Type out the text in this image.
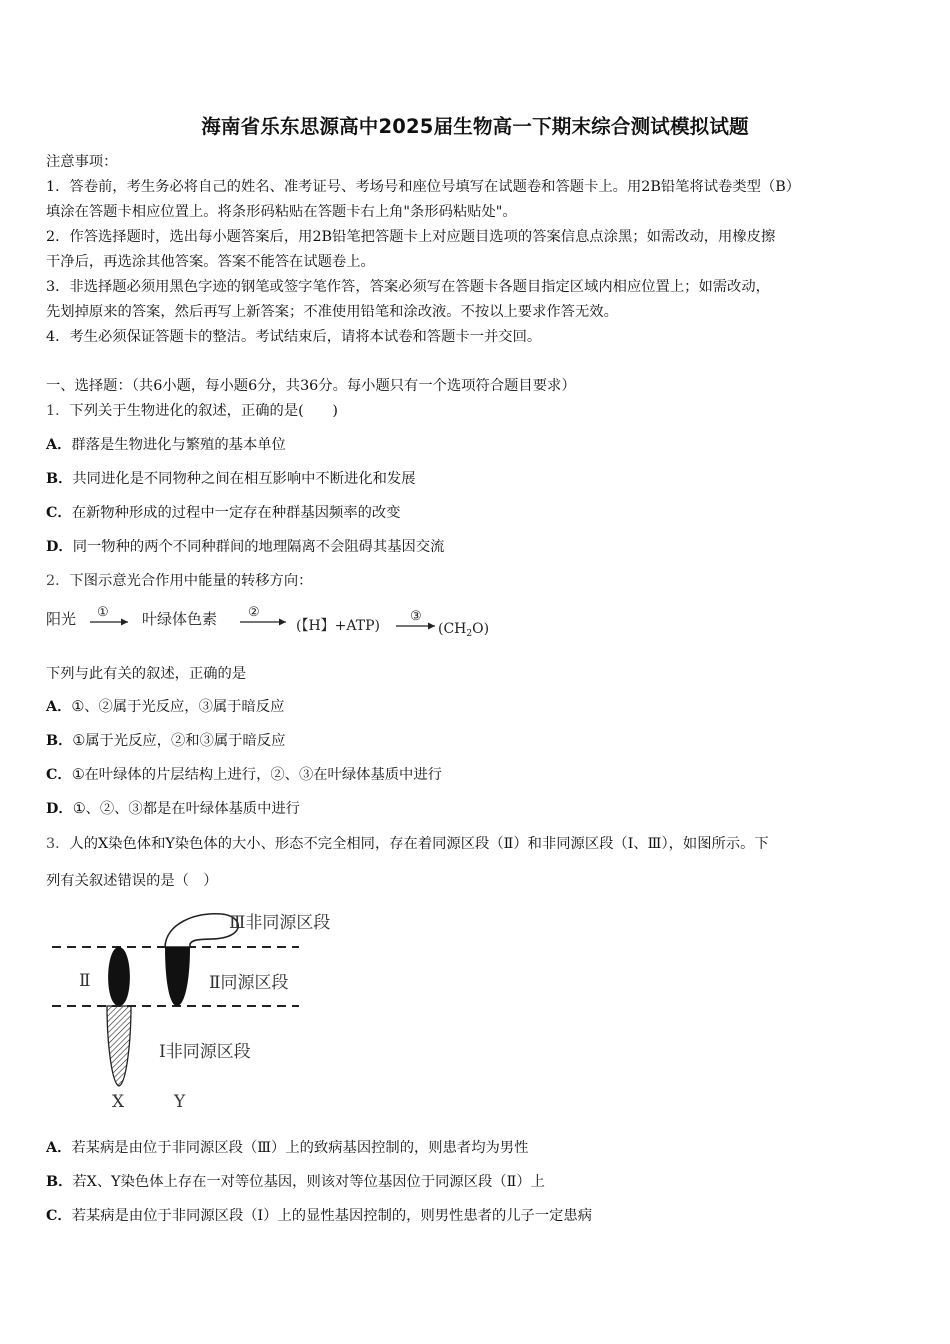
海南省乐东思源高中2025届生物高一下期末综合测试模拟试题
注意事项：
1．答卷前，考生务必将自己的姓名、准考证号、考场号和座位号填写在试题卷和答题卡上。用2B铅笔将试卷类型（B）
填涂在答题卡相应位置上。将条形码粘贴在答题卡右上角"条形码粘贴处"。
2．作答选择题时，选出每小题答案后，用2B铅笔把答题卡上对应题目选项的答案信息点涂黑；如需改动，用橡皮擦
干净后，再选涂其他答案。答案不能答在试题卷上。
3．非选择题必须用黑色字迹的钢笔或签字笔作答，答案必须写在答题卡各题目指定区域内相应位置上；如需改动，
先划掉原来的答案，然后再写上新答案；不准使用铅笔和涂改液。不按以上要求作答无效。
4．考生必须保证答题卡的整洁。考试结束后，请将本试卷和答题卡一并交回。
一、选择题：（共6小题，每小题6分，共36分。每小题只有一个选项符合题目要求）
1．下列关于生物进化的叙述，正确的是(　　)
A．群落是生物进化与繁殖的基本单位
B．共同进化是不同物种之间在相互影响中不断进化和发展
C．在新物种形成的过程中一定存在种群基因频率的改变
D．同一物种的两个不同种群间的地理隔离不会阻碍其基因交流
2．下图示意光合作用中能量的转移方向：
阳光 ① 叶绿体色素 ②
(【H】+ATP)
③
$(CH_2O)$
下列与此有关的叙述，正确的是
A．①、②属于光反应，③属于暗反应
B．①属于光反应，②和③属于暗反应
C．①在叶绿体的片层结构上进行，②、③在叶绿体基质中进行
D．①、②、③都是在叶绿体基质中进行
3．人的X染色体和Y染色体的大小、形态不完全相同，存在着同源区段（Ⅱ）和非同源区段（I、Ⅲ），如图所示。下
列有关叙述错误的是（　）
Ⅲ非同源区段
Ⅱ	Ⅱ同源区段
Ⅰ非同源区段
X	Y
A．若某病是由位于非同源区段（Ⅲ）上的致病基因控制的，则患者均为男性
B．若X、Y染色体上存在一对等位基因，则该对等位基因位于同源区段（Ⅱ）上
C．若某病是由位于非同源区段（Ⅰ）上的显性基因控制的，则男性患者的儿子一定患病
